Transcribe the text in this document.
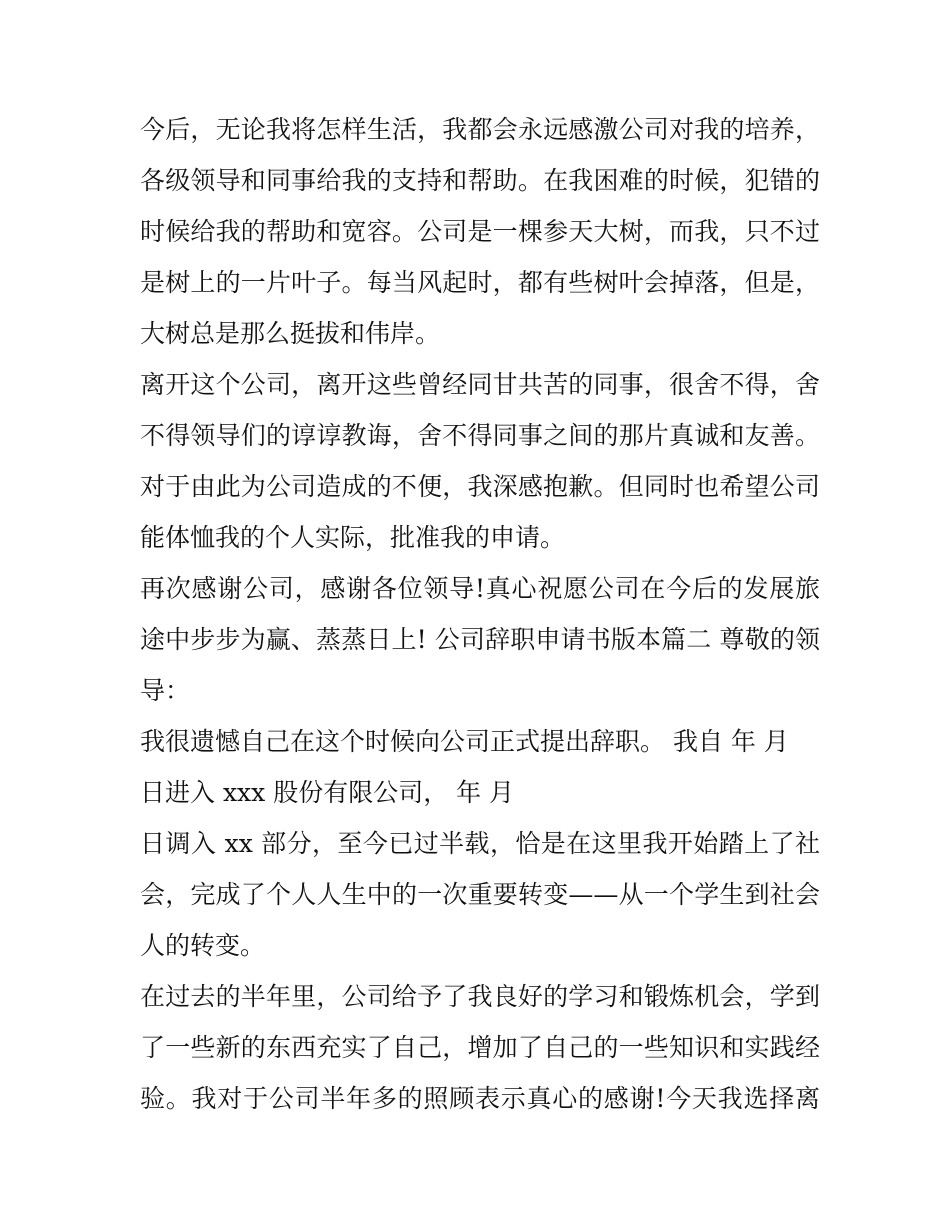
今后，无论我将怎样生活，我都会永远感激公司对我的培养，
各级领导和同事给我的支持和帮助。在我困难的时候，犯错的
时候给我的帮助和宽容。公司是一棵参天大树，而我，只不过
是树上的一片叶子。每当风起时，都有些树叶会掉落，但是，
大树总是那么挺拔和伟岸。
离开这个公司，离开这些曾经同甘共苦的同事，很舍不得，舍
不得领导们的谆谆教诲，舍不得同事之间的那片真诚和友善。
对于由此为公司造成的不便，我深感抱歉。但同时也希望公司
能体恤我的个人实际，批准我的申请。
再次感谢公司，感谢各位领导!真心祝愿公司在今后的发展旅
途中步步为赢、蒸蒸日上! 公司辞职申请书版本篇二 尊敬的领
导：
我很遗憾自己在这个时候向公司正式提出辞职。 我自 年 月
日进入 xxx 股份有限公司， 年 月
日调入 xx 部分，至今已过半载，恰是在这里我开始踏上了社
会，完成了个人人生中的一次重要转变——从一个学生到社会
人的转变。
在过去的半年里，公司给予了我良好的学习和锻炼机会，学到
了一些新的东西充实了自己，增加了自己的一些知识和实践经
验。我对于公司半年多的照顾表示真心的感谢!今天我选择离
